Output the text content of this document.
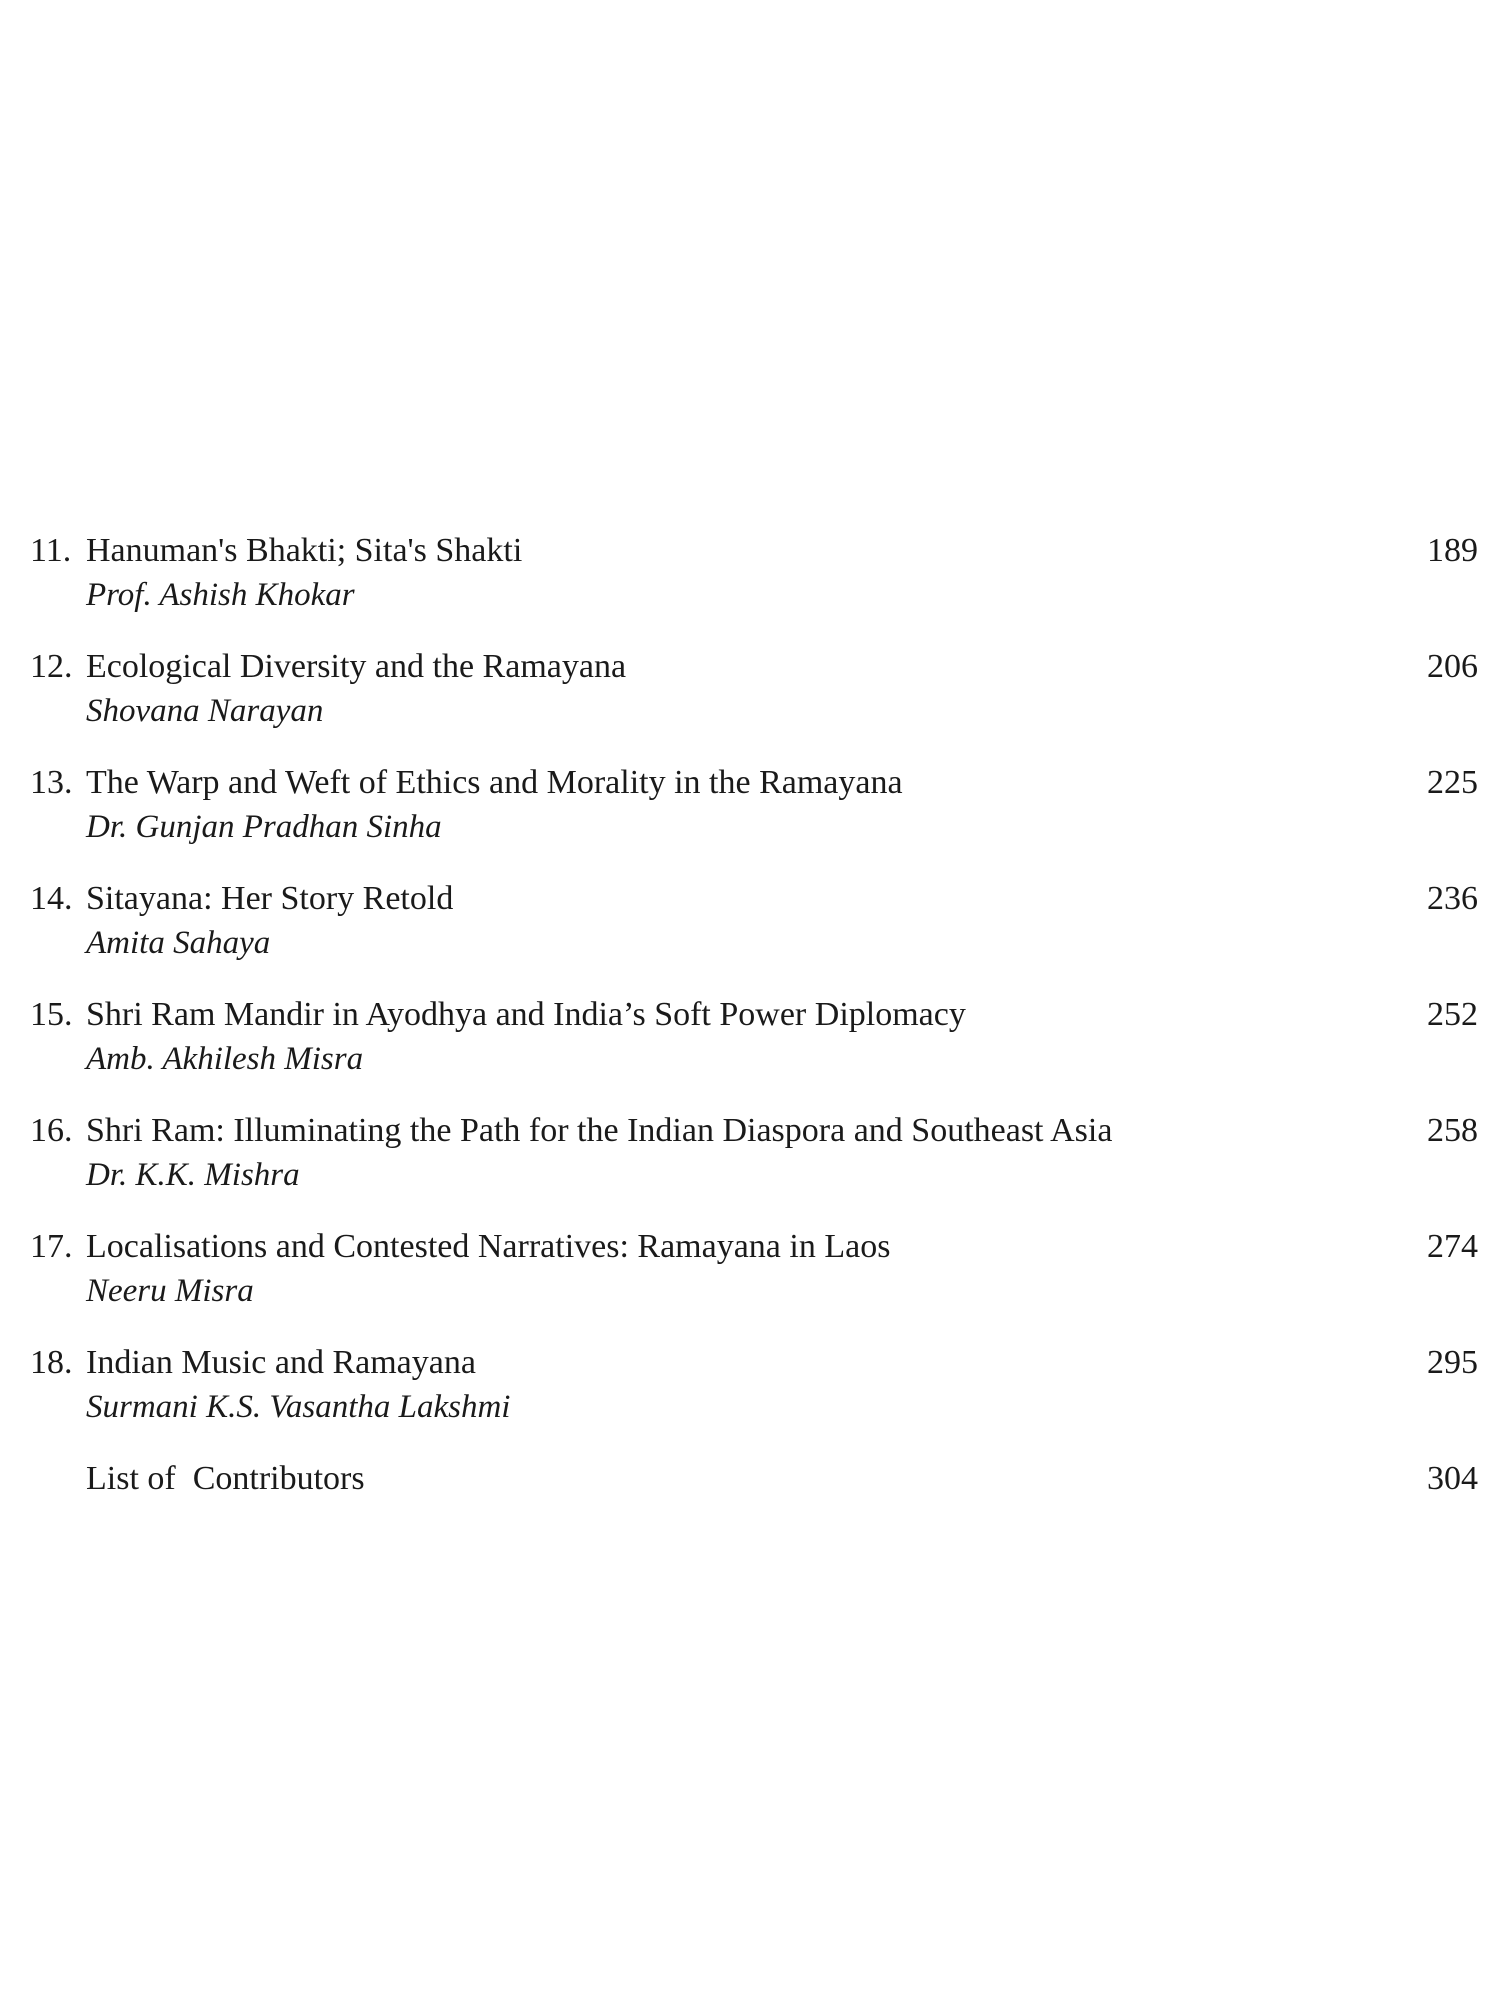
11. Hanuman's Bhakti; Sita's Shakti
Prof. Ashish Khokar
189
12. Ecological Diversity and the Ramayana
Shovana Narayan
206
13. The Warp and Weft of Ethics and Morality in the Ramayana
Dr. Gunjan Pradhan Sinha
225
14. Sitayana: Her Story Retold
Amita Sahaya
236
15. Shri Ram Mandir in Ayodhya and India’s Soft Power Diplomacy
Amb. Akhilesh Misra
252
16. Shri Ram: Illuminating the Path for the Indian Diaspora and Southeast Asia
Dr. K.K. Mishra
258
17. Localisations and Contested Narratives: Ramayana in Laos
Neeru Misra
274
18. Indian Music and Ramayana
Surmani K.S. Vasantha Lakshmi
295
List of  Contributors	304
